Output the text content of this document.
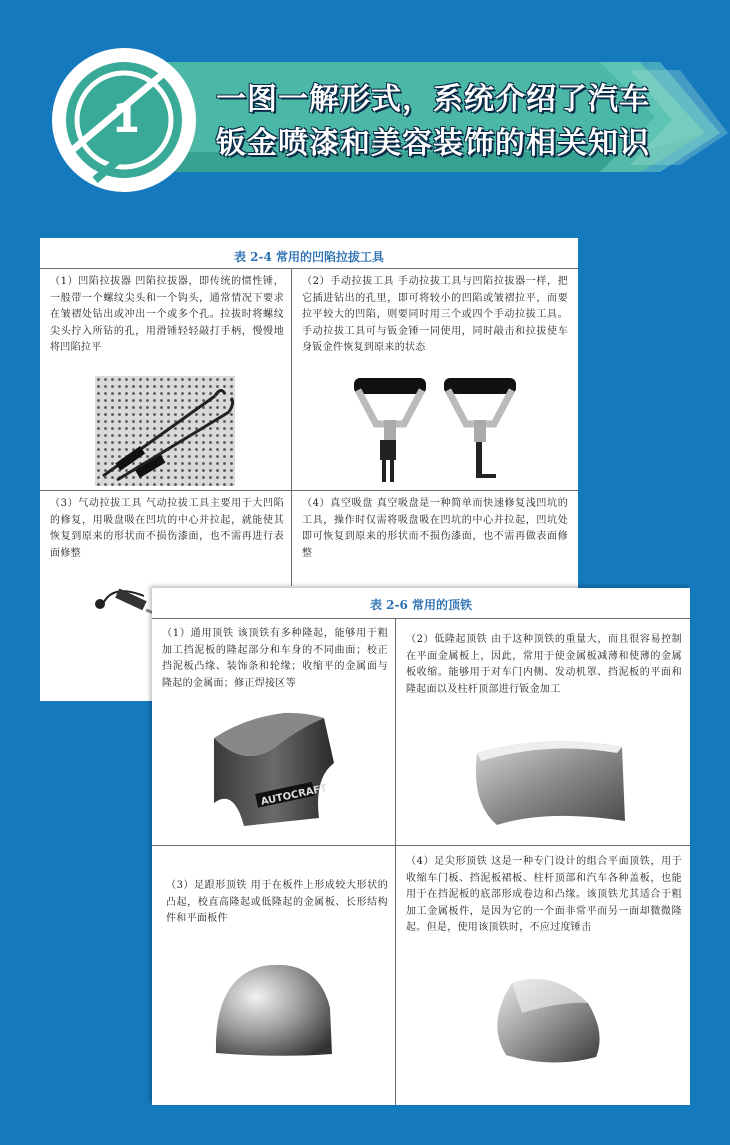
1	一图一解形式，系统介绍了汽车
钣金喷漆和美容装饰的相关知识
表 2-4 常用的凹陷拉拔工具
（1）凹陷拉拔器 凹陷拉拔器，即传统的惯性锤，一般带一个螺纹尖头和一个钩头，通常情况下要求在皱褶处钻出或冲出一个或多个孔。拉拔时将螺纹尖头拧入所钻的孔，用滑锤轻轻敲打手柄，慢慢地将凹陷拉平
（2）手动拉拔工具 手动拉拔工具与凹陷拉拔器一样，把它插进钻出的孔里，即可将较小的凹陷或皱褶拉平，而要拉平较大的凹陷，则要同时用三个或四个手动拉拔工具。手动拉拔工具可与钣金锤一同使用，同时敲击和拉拔使车身钣金件恢复到原来的状态
（3）气动拉拔工具 气动拉拔工具主要用于大凹陷的修复，用吸盘吸在凹坑的中心并拉起，就能使其恢复到原来的形状而不损伤漆面，也不需再进行表面修整
（4）真空吸盘 真空吸盘是一种简单而快速修复浅凹坑的工具，操作时仅需将吸盘吸在凹坑的中心并拉起，凹坑处即可恢复到原来的形状而不损伤漆面，也不需再做表面修整
表 2-6 常用的顶铁
（1）通用顶铁 该顶铁有多种隆起，能够用于粗加工挡泥板的隆起部分和车身的不同曲面；校正挡泥板凸缘、装饰条和轮缘；收缩平的金属面与隆起的金属面；修正焊接区等
（2）低隆起顶铁 由于这种顶铁的重量大，而且很容易控制在平面金属板上，因此，常用于使金属板减薄和使薄的金属板收缩。能够用于对车门内侧、发动机罩、挡泥板的平面和隆起面以及柱杆顶部进行钣金加工
（3）足跟形顶铁 用于在板件上形成较大形状的凸起，校直高隆起或低隆起的金属板、长形结构件和平面板件
（4）足尖形顶铁 这是一种专门设计的组合平面顶铁，用于收缩车门板、挡泥板裙板、柱杆顶部和汽车各种盖板，也能用于在挡泥板的底部形成卷边和凸缘。该顶铁尤其适合于粗加工金属板件，是因为它的一个面非常平而另一面却微微隆起。但是，使用该顶铁时，不应过度锤击
AUTOCRAFT
